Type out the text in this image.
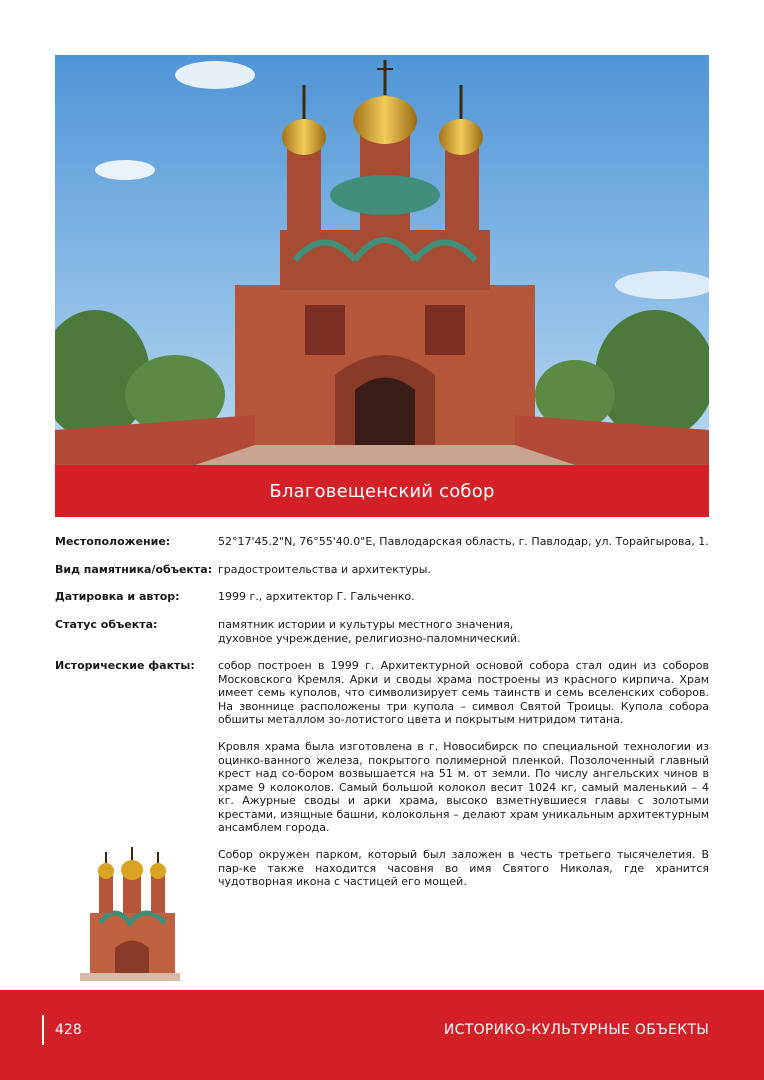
Благовещенский собор
Местоположение:	52°17'45.2"N, 76°55'40.0"E, Павлодарская область, г. Павлодар, ул. Торайгырова, 1.
Вид памятника/объекта: градостроительства и архитектуры.
Датировка и автор:	1999 г., архитектор Г. Гальченко.
Статус объекта:	памятник истории и культуры местного значения,
духовное учреждение, религиозно-паломнический.
Исторические факты:	собор построен в 1999 г. Архитектурной основой собора стал один из соборов Московского Кремля. Арки и своды храма построены из красного кирпича. Храм имеет семь куполов, что символизирует семь таинств и семь вселенских соборов. На звоннице расположены три купола – символ Святой Троицы. Купола собора обшиты металлом зо-лотистого цвета и покрытым нитридом титана.

Кровля храма была изготовлена в г. Новосибирск по специальной технологии из оцинко-ванного железа, покрытого полимерной пленкой. Позолоченный главный крест над со-бором возвышается на 51 м. от земли. По числу ангельских чинов в храме 9 колоколов. Самый большой колокол весит 1024 кг, самый маленький – 4 кг. Ажурные своды и арки храма, высоко взметнувшиеся главы с золотыми крестами, изящные башни, колокольня – делают храм уникальным архитектурным ансамблем города.

Собор окружен парком, который был заложен в честь третьего тысячелетия. В пар-ке также находится часовня во имя Святого Николая, где хранится чудотворная икона с частицей его мощей.

428	ИСТОРИКО-КУЛЬТУРНЫЕ ОБЪЕКТЫ
